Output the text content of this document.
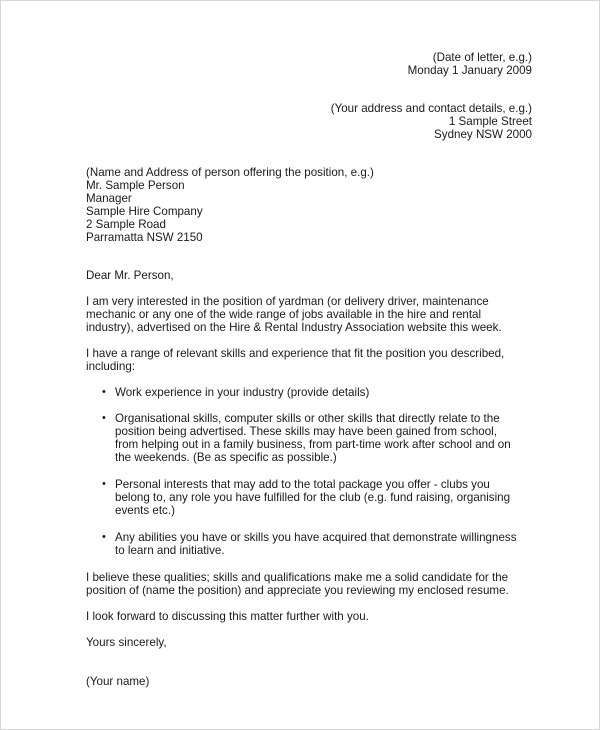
(Date of letter, e.g.)
Monday 1 January 2009
(Your address and contact details, e.g.)
1 Sample Street
Sydney NSW 2000
(Name and Address of person offering the position, e.g.)
Mr. Sample Person
Manager
Sample Hire Company
2 Sample Road
Parramatta NSW 2150
Dear Mr. Person,
I am very interested in the position of yardman (or delivery driver, maintenance
mechanic or any one of the wide range of jobs available in the hire and rental
industry), advertised on the Hire & Rental Industry Association website this week.
I have a range of relevant skills and experience that fit the position you described,
including:
• Work experience in your industry (provide details)
• Organisational skills, computer skills or other skills that directly relate to the
position being advertised. These skills may have been gained from school,
from helping out in a family business, from part-time work after school and on
the weekends. (Be as specific as possible.)
• Personal interests that may add to the total package you offer - clubs you
belong to, any role you have fulfilled for the club (e.g. fund raising, organising
events etc.)
• Any abilities you have or skills you have acquired that demonstrate willingness
to learn and initiative.
I believe these qualities; skills and qualifications make me a solid candidate for the
position of (name the position) and appreciate you reviewing my enclosed resume.
I look forward to discussing this matter further with you.
Yours sincerely,
(Your name)
